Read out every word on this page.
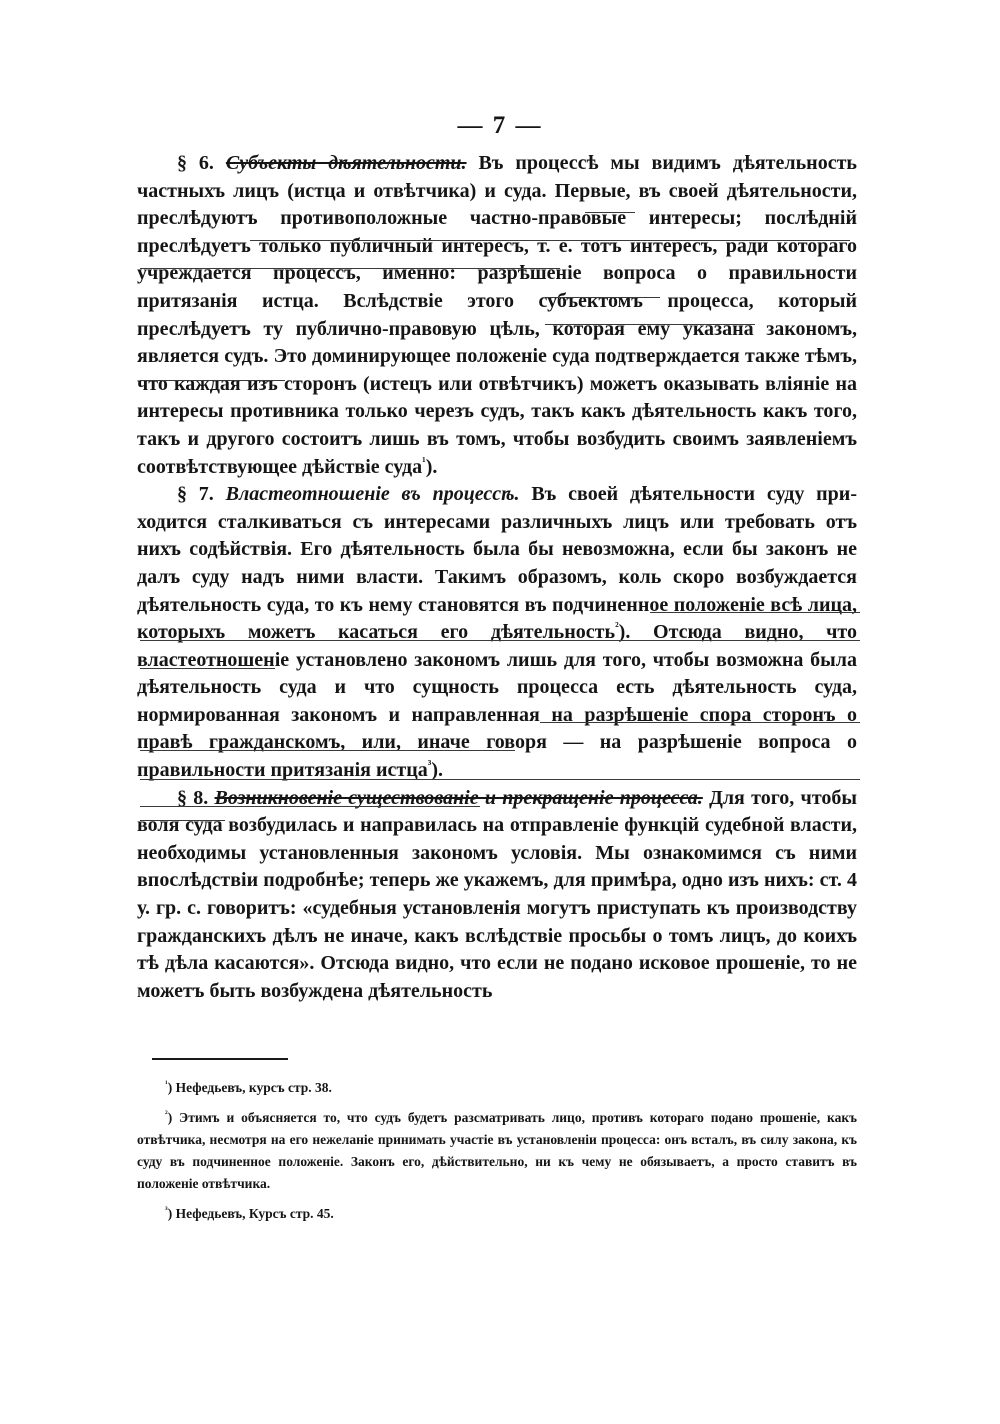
— 7 —

§ 6. Субъекты дѣятельности. Въ процессѣ мы видимъ дѣятельность частныхъ лицъ (истца и отвѣтчика) и суда. Первые, въ своей дѣятельности, преслѣдуютъ противоположные частно-правовые интересы; послѣдній преслѣдуетъ только публичный интересъ, т. е. тотъ интересъ, ради котораго учреждается процессъ, именно: разрѣшеніе вопроса о правильности притязанія истца. Вслѣдствіе этого субъектомъ процесса, который преслѣдуетъ ту публично-правовую цѣль, которая ему указана закономъ, является судъ. Это доминирующее положеніе суда подтверждается также тѣмъ, что каждая изъ сторонъ (истецъ или отвѣтчикъ) можетъ оказывать вліяніе на интересы противника только черезъ судъ, такъ какъ дѣятельность какъ того, такъ и другого состоитъ лишь въ томъ, чтобы возбудить своимъ заявленіемъ соотвѣтствующее дѣйствіе суда$^{^1}$).

§ 7. Властеотношеніе въ процессѣ. Въ своей дѣятельности суду приходится сталкиваться съ интересами различныхъ лицъ или требовать отъ нихъ содѣйствія. Его дѣятельность была бы невозможна, если бы законъ не далъ суду надъ ними власти. Такимъ образомъ, коль скоро возбуждается дѣятельность суда, то къ нему становятся въ подчиненное положеніе всѣ лица, которыхъ можетъ касаться его дѣятельность$^{^2}$). Отсюда видно, что властеотношеніе установлено закономъ лишь для того, чтобы возможна была дѣятельность суда и что сущность процесса есть дѣятельность суда, нормированная закономъ и направленная на разрѣшеніе спора сторонъ о правѣ гражданскомъ, или, иначе говоря — на разрѣшеніе вопроса о правильности притязанія истца$^{^3}$).

§ 8. Возникновеніе существованіе и прекращеніе процесса. Для того, чтобы воля суда возбудилась и направилась на отправленіе функцій судебной власти, необходимы установленныя закономъ условія. Мы ознакомимся съ ними впослѣдствіи подробнѣе; теперь же укажемъ, для примѣра, одно изъ нихъ: ст. 4 у. гр. с. говоритъ: «судебныя установленія могутъ приступать къ производству гражданскихъ дѣлъ не иначе, какъ вслѣдствіе просьбы о томъ лицъ, до коихъ тѣ дѣла касаются». Отсюда видно, что если не подано исковое прошеніе, то не можетъ быть возбуждена дѣятельность

$^{^1}$) Нефедьевъ, курсъ стр. 38.

$^{^2}$) Этимъ и объясняется то, что судъ будетъ разсматривать лицо, противъ котораго подано прошеніе, какъ отвѣтчика, несмотря на его нежеланіе принимать участіе въ установленіи процесса: онъ всталъ, въ силу закона, къ суду въ подчиненное положеніе. Законъ его, дѣйствительно, ни къ чему не обязываетъ, а просто ставитъ въ положеніе отвѣтчика.

$^{^3}$) Нефедьевъ, Курсъ стр. 45.
